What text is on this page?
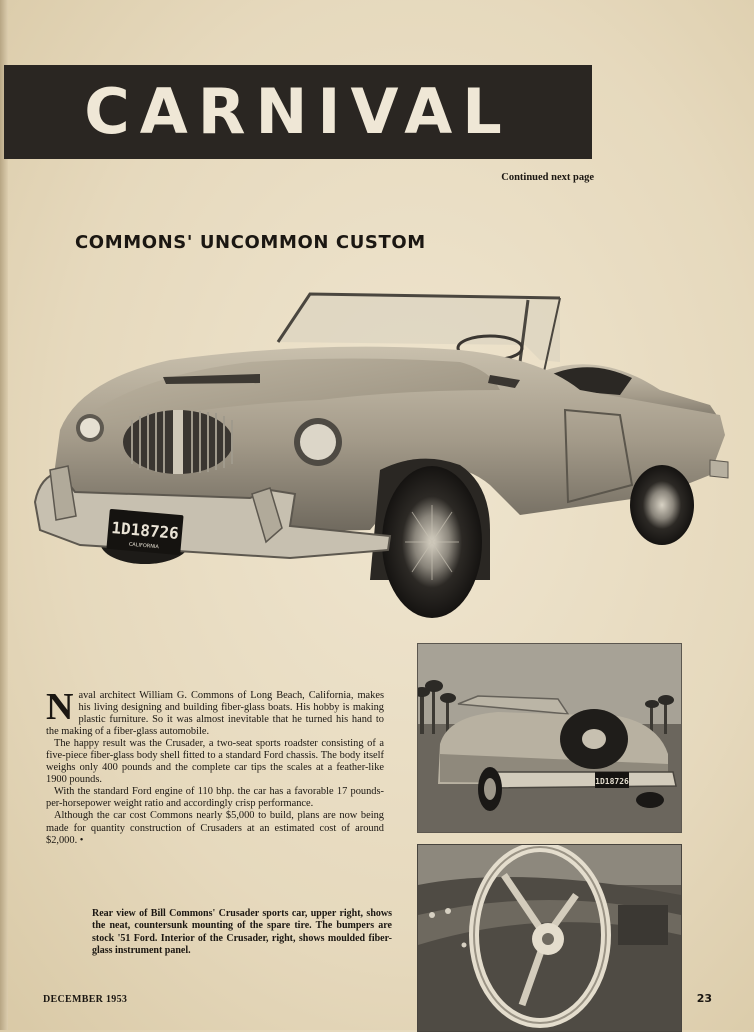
CARNIVAL
Continued next page
COMMONS' UNCOMMON CUSTOM
1D18726
CALIFORNIA
1D18726

Naval architect William G. Commons of Long Beach, California, makes his living designing and building fiber-glass boats. His hobby is making plastic furniture. So it was almost inevitable that he turned his hand to the making of a fiber-glass automobile.

The happy result was the Crusader, a two-seat sports roadster consisting of a five-piece fiber-glass body shell fitted to a standard Ford chassis. The body itself weighs only 400 pounds and the complete car tips the scales at a feather-like 1900 pounds.

With the standard Ford engine of 110 bhp. the car has a favorable 17 pounds-per-horsepower weight ratio and accordingly crisp performance.

Although the car cost Commons nearly $5,000 to build, plans are now being made for quantity construction of Crusaders at an estimated cost of around $2,000. •

Rear view of Bill Commons' Crusader sports car, upper right, shows the neat, countersunk mounting of the spare tire. The bumpers are stock '51 Ford. Interior of the Crusader, right, shows moulded fiber-glass instrument panel.
DECEMBER 1953	23
